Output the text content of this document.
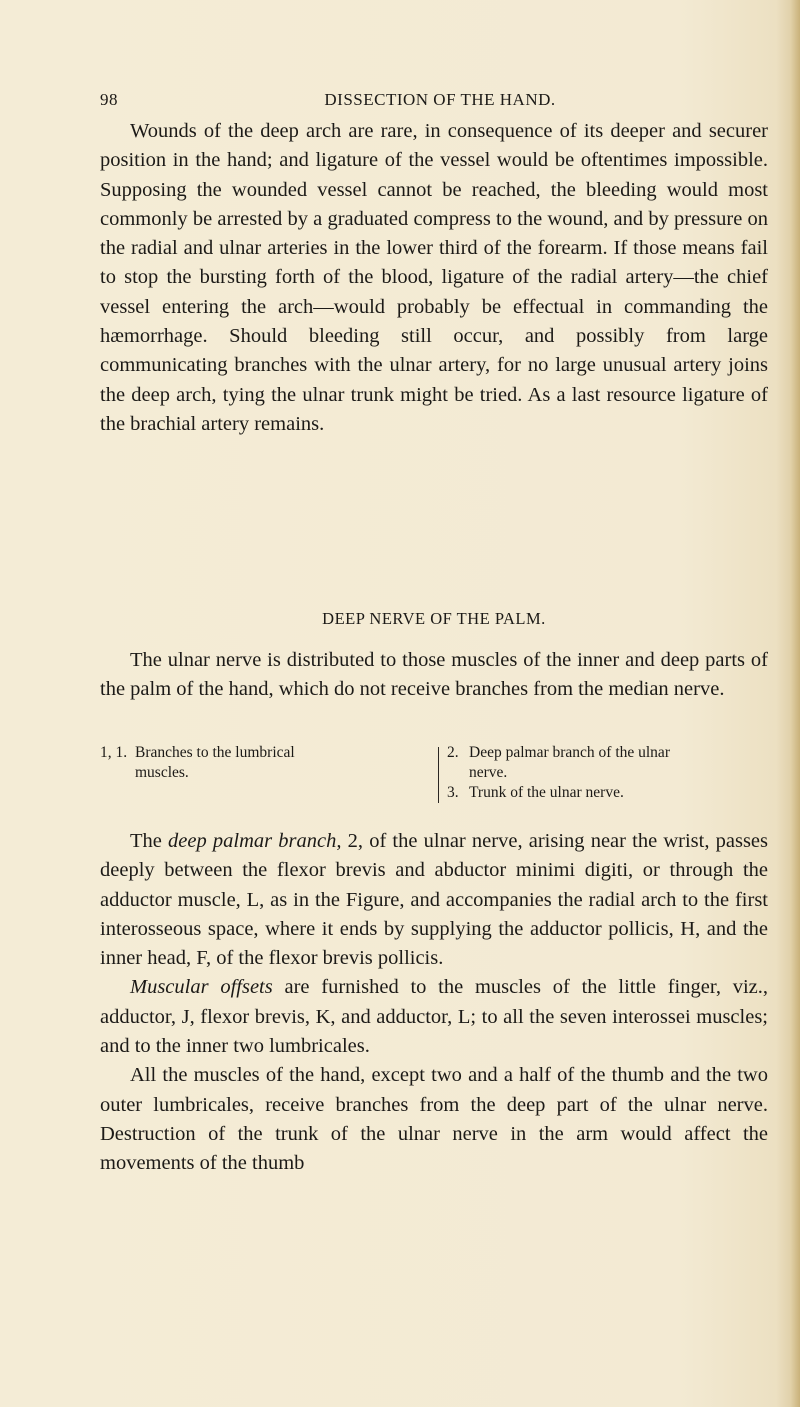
98	DISSECTION OF THE HAND.

Wounds of the deep arch are rare, in consequence of its deeper and securer position in the hand; and ligature of the vessel would be oftentimes impossible. Supposing the wounded vessel cannot be reached, the bleeding would most commonly be arrested by a graduated compress to the wound, and by pressure on the radial and ulnar arteries in the lower third of the forearm. If those means fail to stop the bursting forth of the blood, ligature of the radial artery—the chief vessel entering the arch—would probably be effectual in commanding the hæmorrhage. Should bleeding still occur, and possibly from large communicating branches with the ulnar artery, for no large unusual artery joins the deep arch, tying the ulnar trunk might be tried. As a last resource ligature of the brachial artery remains.

DEEP NERVE OF THE PALM.

The ulnar nerve is distributed to those muscles of the inner and deep parts of the palm of the hand, which do not receive branches from the median nerve.

1, 1. Branches to the lumbrical
muscles.
2. Deep palmar branch of the ulnar
nerve.
3. Trunk of the ulnar nerve.

The deep palmar branch, 2, of the ulnar nerve, arising near the wrist, passes deeply between the flexor brevis and abductor minimi digiti, or through the adductor muscle, L, as in the Figure, and accompanies the radial arch to the first interosseous space, where it ends by supplying the adductor pollicis, H, and the inner head, F, of the flexor brevis pollicis.

Muscular offsets are furnished to the muscles of the little finger, viz., adductor, J, flexor brevis, K, and adductor, L; to all the seven interossei muscles; and to the inner two lumbricales.

All the muscles of the hand, except two and a half of the thumb and the two outer lumbricales, receive branches from the deep part of the ulnar nerve. Destruction of the trunk of the ulnar nerve in the arm would affect the movements of the thumb
